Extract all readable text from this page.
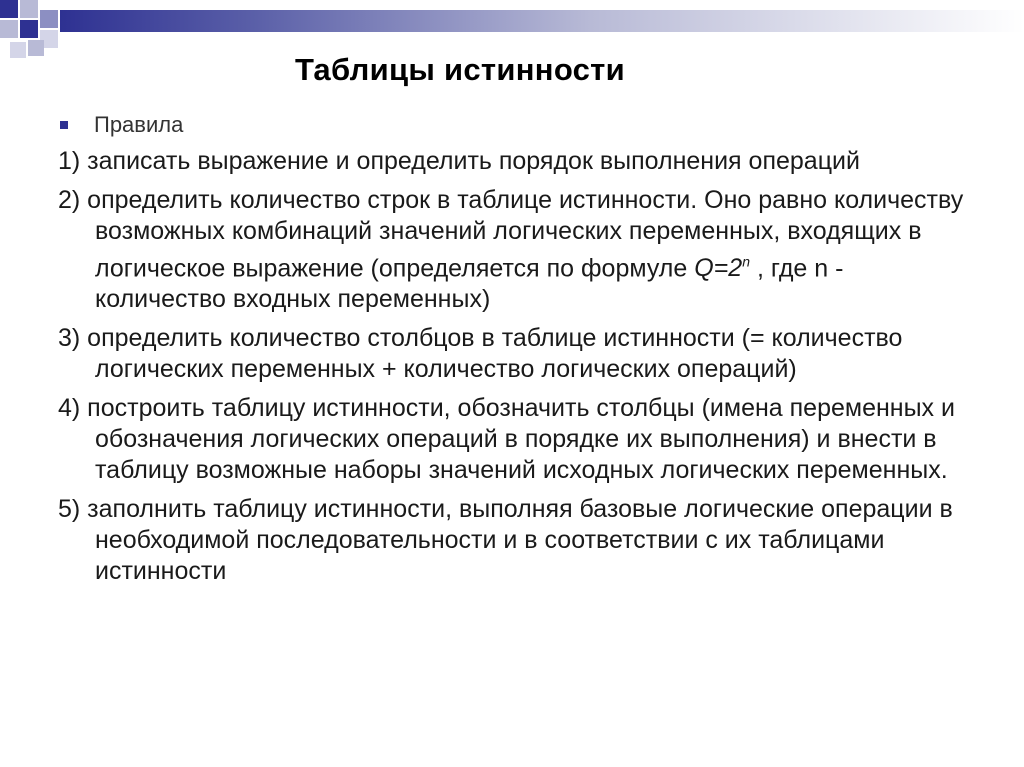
Таблицы истинности
Правила
1) записать выражение и определить порядок выполнения операций
2) определить количество строк в таблице истинности. Оно равно количеству возможных комбинаций значений логических переменных, входящих в логическое выражение (определяется по формуле $Q=2^n$ , где n - количество входных переменных)
3) определить количество столбцов в таблице истинности (= количество логических переменных + количество логических операций)
4) построить таблицу истинности, обозначить столбцы (имена переменных и обозначения логических операций в порядке их выполнения) и внести в таблицу возможные наборы значений исходных логических переменных.
5) заполнить таблицу истинности, выполняя базовые логические операции в необходимой последовательности и в соответствии с их таблицами истинности
